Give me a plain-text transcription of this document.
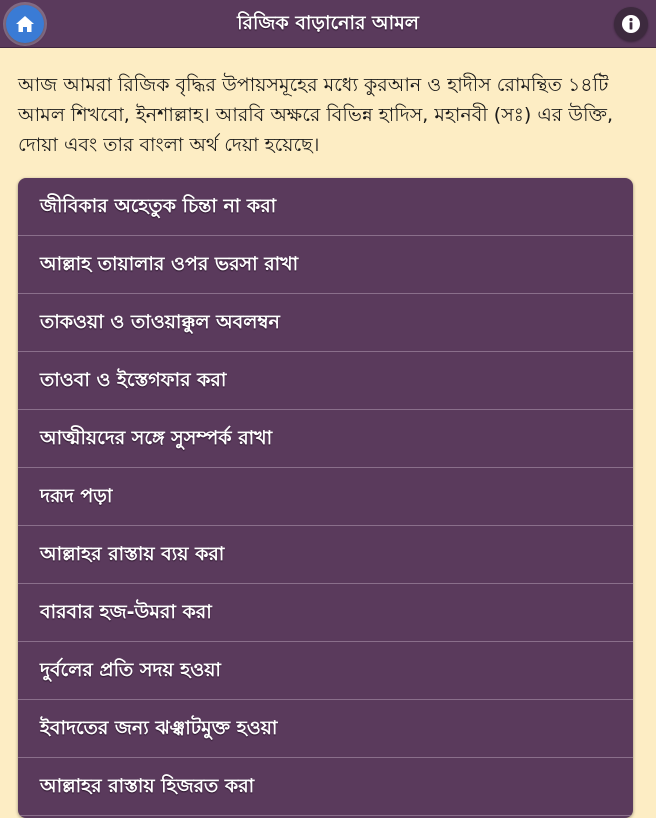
রিজিক বাড়ানোর আমল
আজ আমরা রিজিক বৃদ্ধির উপায়সমূহের মধ্যে কুরআন ও হাদীস রোমন্থিত ১৪টি আমল শিখবো, ইনশাল্লাহ। আরবি অক্ষরে বিভিন্ন হাদিস, মহানবী (সঃ) এর উক্তি, দোয়া এবং তার বাংলা অর্থ দেয়া হয়েছে।
জীবিকার অহেতুক চিন্তা না করা
আল্লাহ তায়ালার ওপর ভরসা রাখা
তাকওয়া ও তাওয়াক্কুল অবলম্বন
তাওবা ও ইস্তেগফার করা
আত্মীয়দের সঙ্গে সুসম্পর্ক রাখা
দরূদ পড়া
আল্লাহর রাস্তায় ব্যয় করা
বারবার হজ-উমরা করা
দুর্বলের প্রতি সদয় হওয়া
ইবাদতের জন্য ঝঞ্ঝাটমুক্ত হওয়া
আল্লাহর রাস্তায় হিজরত করা
